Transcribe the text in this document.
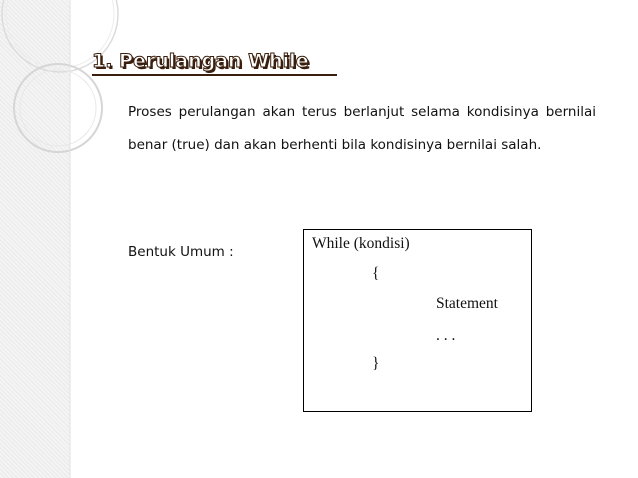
1. Perulangan While

Proses perulangan akan terus berlanjut selama kondisinya bernilai benar (true) dan akan berhenti bila kondisinya bernilai salah.

Bentuk Umum :	While (kondisi)

{

Statement

. . .

}
